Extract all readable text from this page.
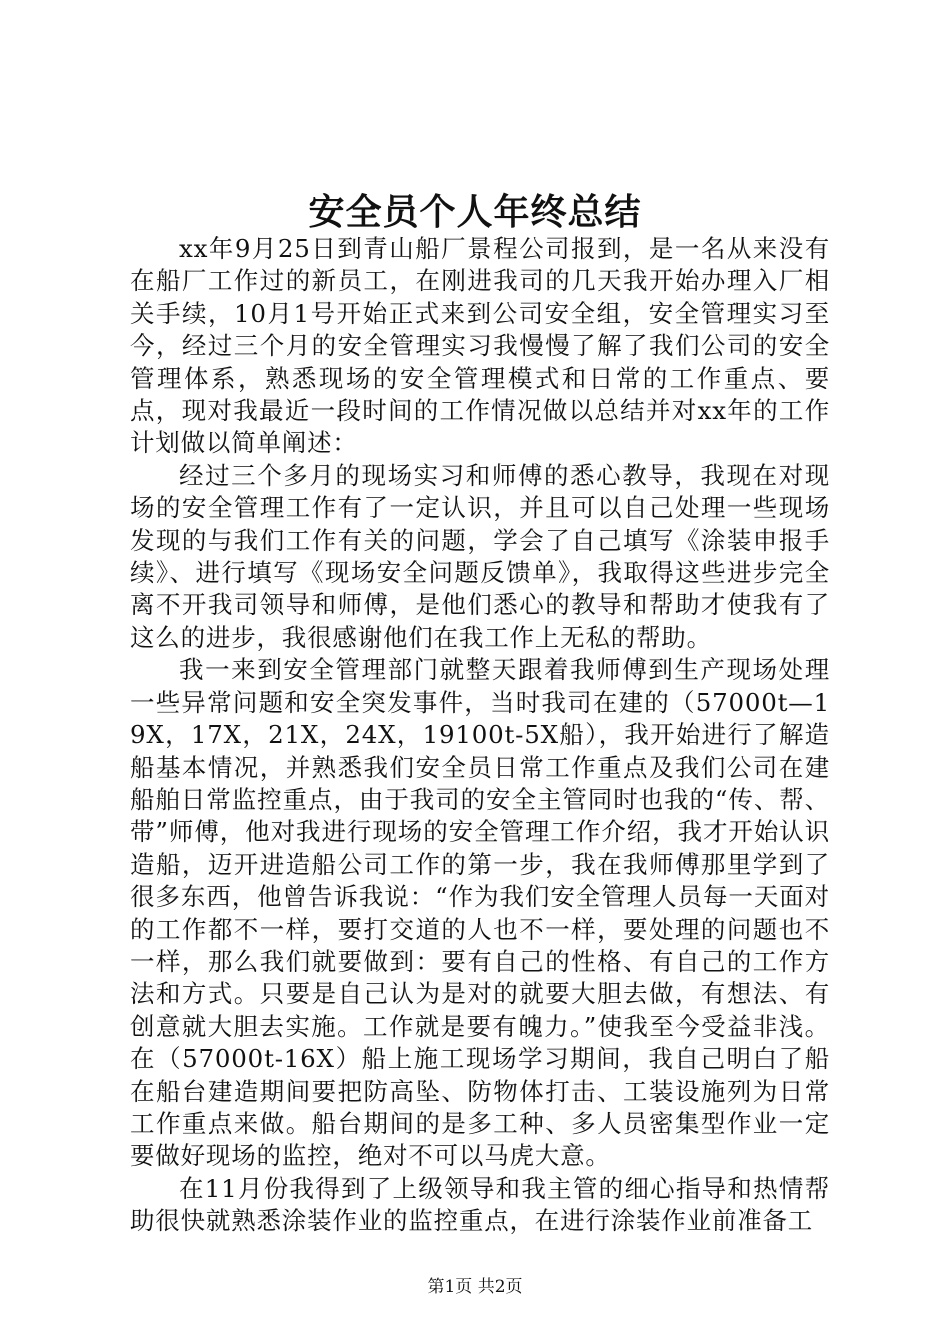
安全员个人年终总结

xx年9月25日到青山船厂景程公司报到，是一名从来没有在船厂工作过的新员工，在刚进我司的几天我开始办理入厂相关手续，10月1号开始正式来到公司安全组，安全管理实习至今，经过三个月的安全管理实习我慢慢了解了我们公司的安全管理体系，熟悉现场的安全管理模式和日常的工作重点、要点，现对我最近一段时间的工作情况做以总结并对xx年的工作计划做以简单阐述：

经过三个多月的现场实习和师傅的悉心教导，我现在对现场的安全管理工作有了一定认识，并且可以自己处理一些现场发现的与我们工作有关的问题，学会了自己填写《涂装申报手续》、进行填写《现场安全问题反馈单》，我取得这些进步完全离不开我司领导和师傅，是他们悉心的教导和帮助才使我有了这么的进步，我很感谢他们在我工作上无私的帮助。

我一来到安全管理部门就整天跟着我师傅到生产现场处理一些异常问题和安全突发事件，当时我司在建的（57000t—19X，17X，21X，24X，19100t-5X船），我开始进行了解造船基本情况，并熟悉我们安全员日常工作重点及我们公司在建船舶日常监控重点，由于我司的安全主管同时也我的“传、帮、带”师傅，他对我进行现场的安全管理工作介绍，我才开始认识造船，迈开进造船公司工作的第一步，我在我师傅那里学到了很多东西，他曾告诉我说：“作为我们安全管理人员每一天面对的工作都不一样，要打交道的人也不一样，要处理的问题也不一样，那么我们就要做到：要有自己的性格、有自己的工作方法和方式。只要是自己认为是对的就要大胆去做，有想法、有创意就大胆去实施。工作就是要有魄力。”使我至今受益非浅。在（57000t-16X）船上施工现场学习期间，我自己明白了船在船台建造期间要把防高坠、防物体打击、工装设施列为日常工作重点来做。船台期间的是多工种、多人员密集型作业一定要做好现场的监控，绝对不可以马虎大意。

在11月份我得到了上级领导和我主管的细心指导和热情帮助很快就熟悉涂装作业的监控重点，在进行涂装作业前准备工

第1页 共2页
